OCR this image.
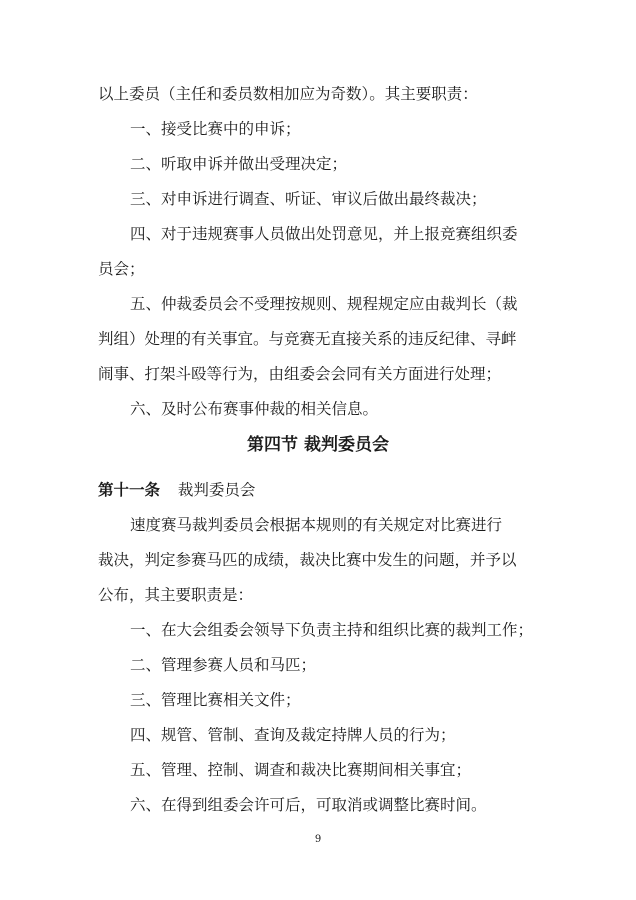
以上委员（主任和委员数相加应为奇数）。其主要职责：
一、接受比赛中的申诉；
二、听取申诉并做出受理决定；
三、对申诉进行调查、听证、审议后做出最终裁决；
四、对于违规赛事人员做出处罚意见，并上报竞赛组织委
员会；
五、仲裁委员会不受理按规则、规程规定应由裁判长（裁
判组）处理的有关事宜。与竞赛无直接关系的违反纪律、寻衅
闹事、打架斗殴等行为，由组委会会同有关方面进行处理；
六、及时公布赛事仲裁的相关信息。
第四节 裁判委员会
第十一条 裁判委员会
速度赛马裁判委员会根据本规则的有关规定对比赛进行
裁决，判定参赛马匹的成绩，裁决比赛中发生的问题，并予以
公布，其主要职责是：
一、在大会组委会领导下负责主持和组织比赛的裁判工作；
二、管理参赛人员和马匹；
三、管理比赛相关文件；
四、规管、管制、查询及裁定持牌人员的行为；
五、管理、控制、调查和裁决比赛期间相关事宜；
六、在得到组委会许可后，可取消或调整比赛时间。
9
